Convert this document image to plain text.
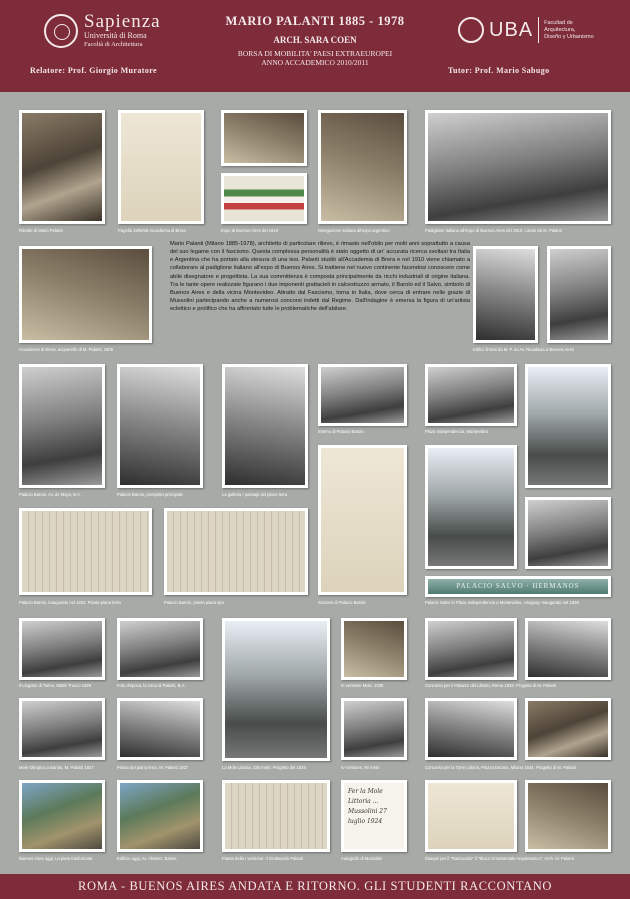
Sapienza
Università di Roma
Facoltà di Architettura
MARIO PALANTI 1885 - 1978
ARCH. SARA COEN
BORSA DI MOBILITA' PAESI EXTRAEUROPEI
ANNO ACCADEMICO 2010/2011
UBA Facultad de
Arquitectura,
Diseño y Urbanismo
Relatore: Prof. Giorgio Muratore	Tutor: Prof. Mario Sabugo
Ritratto di Mario Palanti	Pagella 1905/06 Accademia di Brera	Expo di Buenos Aires del 1910	Delegazione italiana all'expo argentino	Padiglione italiano all'Expo di Buenos Aires del 1910, curato da M. Palanti
Accademia di Brera, acquerello di M. Palanti, 1906
Mario Palanti (Milano 1885-1978), architetto di particolare rilievo, è rimasto nell'oblio per molti anni soprattutto a causa del suo legame con il fascismo. Questa complessa personalità è stato oggetto di un' accurata ricerca svoltasi tra Italia e Argentina che ha portato alla stesura di una tesi. Palanti studiò all'Accademia di Brera e nel 1910 viene chiamato a collaborare al padiglione italiano all'expo di Buenos Aires. Si trattiene nel nuovo continente facendosi conoscere come abile disegnatore e progettista. La sua committenza è composta principalmente da ricchi industriali di origine italiana. Tra le tante opere realizzate figurano i due imponenti grattacieli in calcestruzzo armato, il Barolo ed il Salvo, simbolo di Buenos Aires e della vicina Montevideo. Attratto dal Fascismo, torna in Italia, dove cerca di entrare nelle grazie di Mussolini partecipando anche a numerosi concorsi indetti dal Regime. Dall'indagine è emersa la figura di un'artista eclettico e prolifico che ha affrontato tutte le problematiche dell'abitare.
Edifici firmati da M. P. su Av. Rivadavia a Buenos Aires
Palacio Barolo, Av. de Mayo, B.A.	Palacio Barolo, prospetto principale	La galleria / passaje del piano terra
Interno di Palacio Barolo	Plaza Independencia, Montevideo
Sezione di Palacio Barolo
Palacio Barolo, inaugurato nel 1923. Pianta piano terra	Palacio Barolo, pianta piano tipo
PALACIO SALVO · HERMANOS
Palacio Salvo in Plaza Independencia a Montevideo, Uruguay. Inaugurato nel 1928
Il Lingotto di Torino, Mattè Trucco 1926	Foto d'epoca, la zona di Palanti, B.A.
La Mole Littoria, 336 metri. Progetto del 1925
III versione Mole, 1930	Concorso per il Palazzo del Littorio, Roma 1933. Progetto di M. Palanti
Mole Olimpica a Barolo, M. Palanti 1927	Pianta del piano terra, M. Palanti 1927	IV versione, 90 metri	Concorso per la Torre Littoria, Piazza Duomo, Milano 1934. Progetto di M. Palanti
Buenos Aires oggi, La pieta trasformata	Edificio oggi, Av. Alvarez, Baires	Pianta della I versione: Il Grattacielo Palanti
Fer la Mole Littoria ... Mussolini 27 luglio 1924
Autografo di Mussolini	Disegni per il "Rascacielo" il "Bloco Ornamentale Arquitetonico", Arch. M. Palanti
ROMA - BUENOS AIRES ANDATA E RITORNO. GLI STUDENTI RACCONTANO
